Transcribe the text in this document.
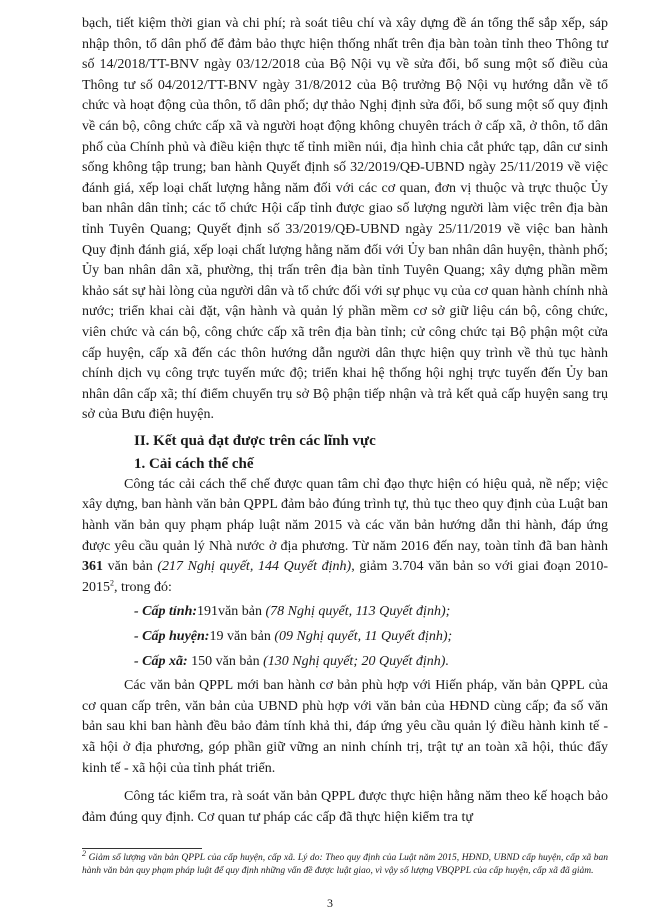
bạch, tiết kiệm thời gian và chi phí; rà soát tiêu chí và xây dựng đề án tổng thể sắp xếp, sáp nhập thôn, tổ dân phố để đảm bảo thực hiện thống nhất trên địa bàn toàn tỉnh theo Thông tư số 14/2018/TT-BNV ngày 03/12/2018 của Bộ Nội vụ về sửa đổi, bổ sung một số điều của Thông tư số 04/2012/TT-BNV ngày 31/8/2012 của Bộ trưởng Bộ Nội vụ hướng dẫn về tổ chức và hoạt động của thôn, tổ dân phố; dự thảo Nghị định sửa đổi, bổ sung một số quy định về cán bộ, công chức cấp xã và người hoạt động không chuyên trách ở cấp xã, ở thôn, tổ dân phố của Chính phủ và điều kiện thực tế tỉnh miền núi, địa hình chia cắt phức tạp, dân cư sinh sống không tập trung; ban hành Quyết định số 32/2019/QĐ-UBND ngày 25/11/2019 về việc đánh giá, xếp loại chất lượng hằng năm đối với các cơ quan, đơn vị thuộc và trực thuộc Ủy ban nhân dân tỉnh; các tổ chức Hội cấp tỉnh được giao số lượng người làm việc trên địa bàn tỉnh Tuyên Quang; Quyết định số 33/2019/QĐ-UBND ngày 25/11/2019 về việc ban hành Quy định đánh giá, xếp loại chất lượng hằng năm đối với Ủy ban nhân dân huyện, thành phố; Ủy ban nhân dân xã, phường, thị trấn trên địa bàn tỉnh Tuyên Quang; xây dựng phần mềm khảo sát sự hài lòng của người dân và tổ chức đối với sự phục vụ của cơ quan hành chính nhà nước; triển khai cài đặt, vận hành và quản lý phần mềm cơ sở giữ liệu cán bộ, công chức, viên chức và cán bộ, công chức cấp xã trên địa bàn tỉnh; cử công chức tại Bộ phận một cửa cấp huyện, cấp xã đến các thôn hướng dẫn người dân thực hiện quy trình về thủ tục hành chính dịch vụ công trực tuyến mức độ; triển khai hệ thống hội nghị trực tuyến đến Ủy ban nhân dân cấp xã; thí điểm chuyển trụ sở Bộ phận tiếp nhận và trả kết quả cấp huyện sang trụ sở của Bưu điện huyện.

II. Kết quả đạt được trên các lĩnh vực

1. Cải cách thể chế

Công tác cải cách thể chế được quan tâm chỉ đạo thực hiện có hiệu quả, nề nếp; việc xây dựng, ban hành văn bản QPPL đảm bảo đúng trình tự, thủ tục theo quy định của Luật ban hành văn bản quy phạm pháp luật năm 2015 và các văn bản hướng dẫn thi hành, đáp ứng được yêu cầu quản lý Nhà nước ở địa phương. Từ năm 2016 đến nay, toàn tỉnh đã ban hành 361 văn bản (217 Nghị quyết, 144 Quyết định), giảm 3.704 văn bản so với giai đoạn 2010-2015$^2$, trong đó:

- Cấp tỉnh:191văn bản (78 Nghị quyết, 113 Quyết định);

- Cấp huyện:19 văn bản (09 Nghị quyết, 11 Quyết định);

- Cấp xã: 150 văn bản (130 Nghị quyết; 20 Quyết định).

Các văn bản QPPL mới ban hành cơ bản phù hợp với Hiến pháp, văn bản QPPL của cơ quan cấp trên, văn bản của UBND phù hợp với văn bản của HĐND cùng cấp; đa số văn bản sau khi ban hành đều bảo đảm tính khả thi, đáp ứng yêu cầu quản lý điều hành kinh tế - xã hội ở địa phương, góp phần giữ vững an ninh chính trị, trật tự an toàn xã hội, thúc đẩy kinh tế - xã hội của tỉnh phát triển.

Công tác kiểm tra, rà soát văn bản QPPL được thực hiện hằng năm theo kế hoạch bảo đảm đúng quy định. Cơ quan tư pháp các cấp đã thực hiện kiểm tra tự

$^2$ Giảm số lượng văn bản QPPL của cấp huyện, cấp xã. Lý do: Theo quy định của Luật năm 2015, HĐND, UBND cấp huyện, cấp xã ban hành văn bản quy phạm pháp luật để quy định những vấn đề được luật giao, vì vậy số lượng VBQPPL của cấp huyện, cấp xã đã giảm.

3
